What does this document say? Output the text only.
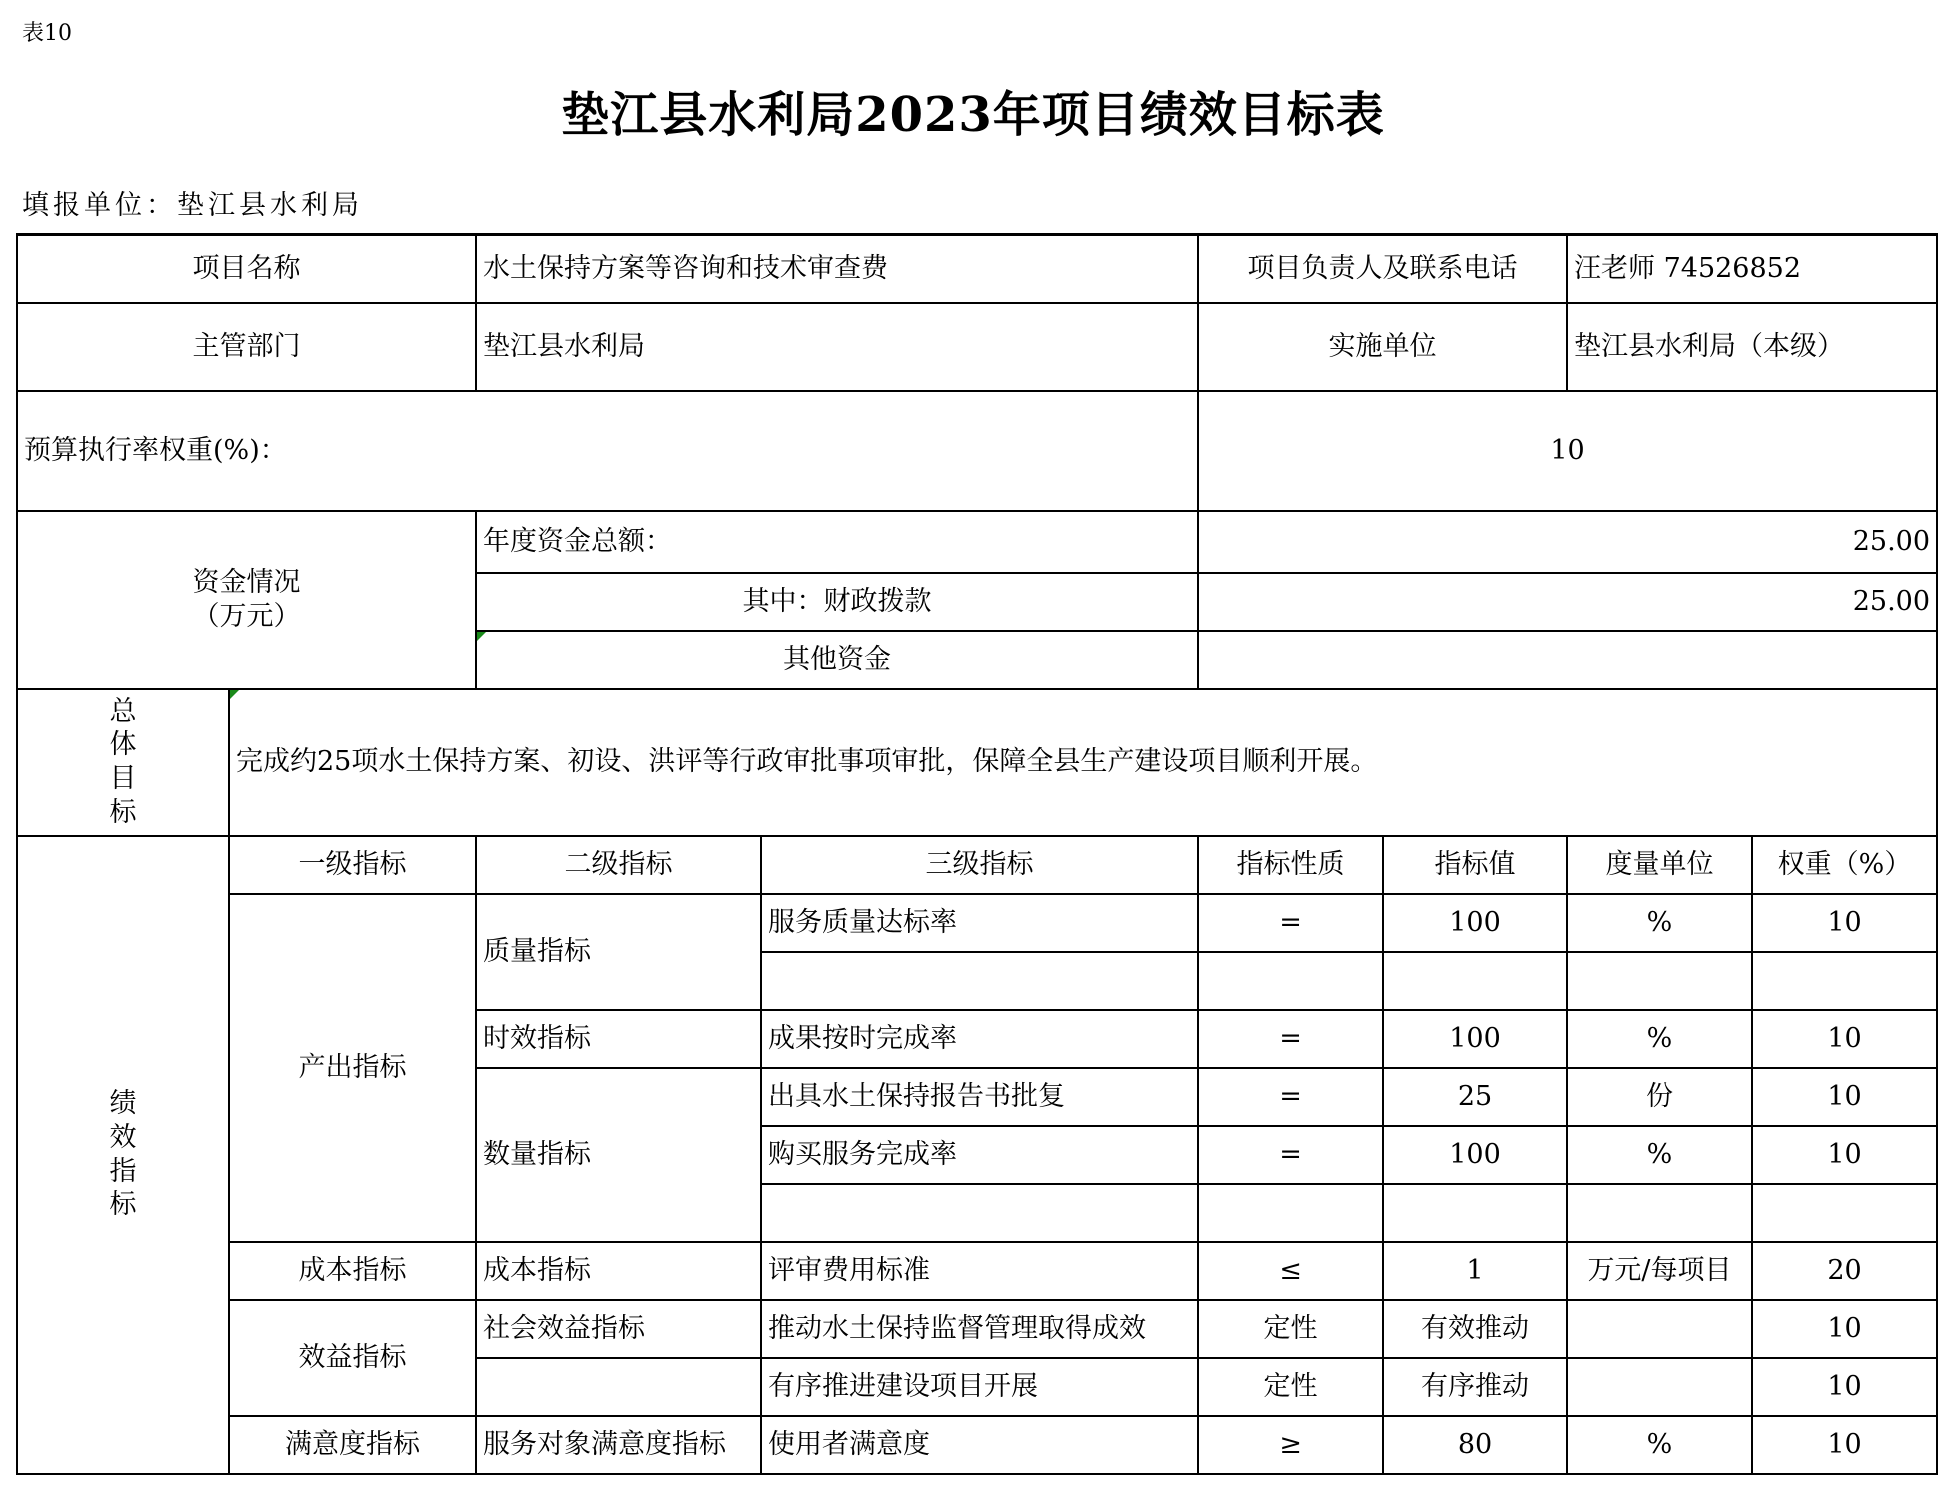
表10
垫江县水利局2023年项目绩效目标表
填报单位：垫江县水利局
项目名称		水土保持方案等咨询和技术审查费		项目负责人及联系电话		汪老师 74526852	
主管部门		垫江县水利局		实施单位		垫江县水利局（本级）	
预算执行率权重(%)：				10			

资金情况
（万元）		年度资金总额：		25.00			
		其中：财政拨款		25.00			
		其他资金					

总
体
目
标	完成约25项水土保持方案、初设、洪评等行政审批事项审批，保障全县生产建设项目顺利开展。						

绩
效
指
标	一级指标	二级指标	三级指标	指标性质	指标值	度量单位	权重（%）
	产出指标	质量指标	服务质量达标率	=	100	%	10

		时效指标	成果按时完成率	=	100	%	10
		数量指标	出具水土保持报告书批复	=	25	份	10
			购买服务完成率	=	100	%	10

	成本指标	成本指标	评审费用标准	≤	1	万元/每项目	20
	效益指标	社会效益指标	推动水土保持监督管理取得成效	定性	有效推动		10
			有序推进建设项目开展	定性	有序推动		10
	满意度指标	服务对象满意度指标	使用者满意度	≥	80	%	10
